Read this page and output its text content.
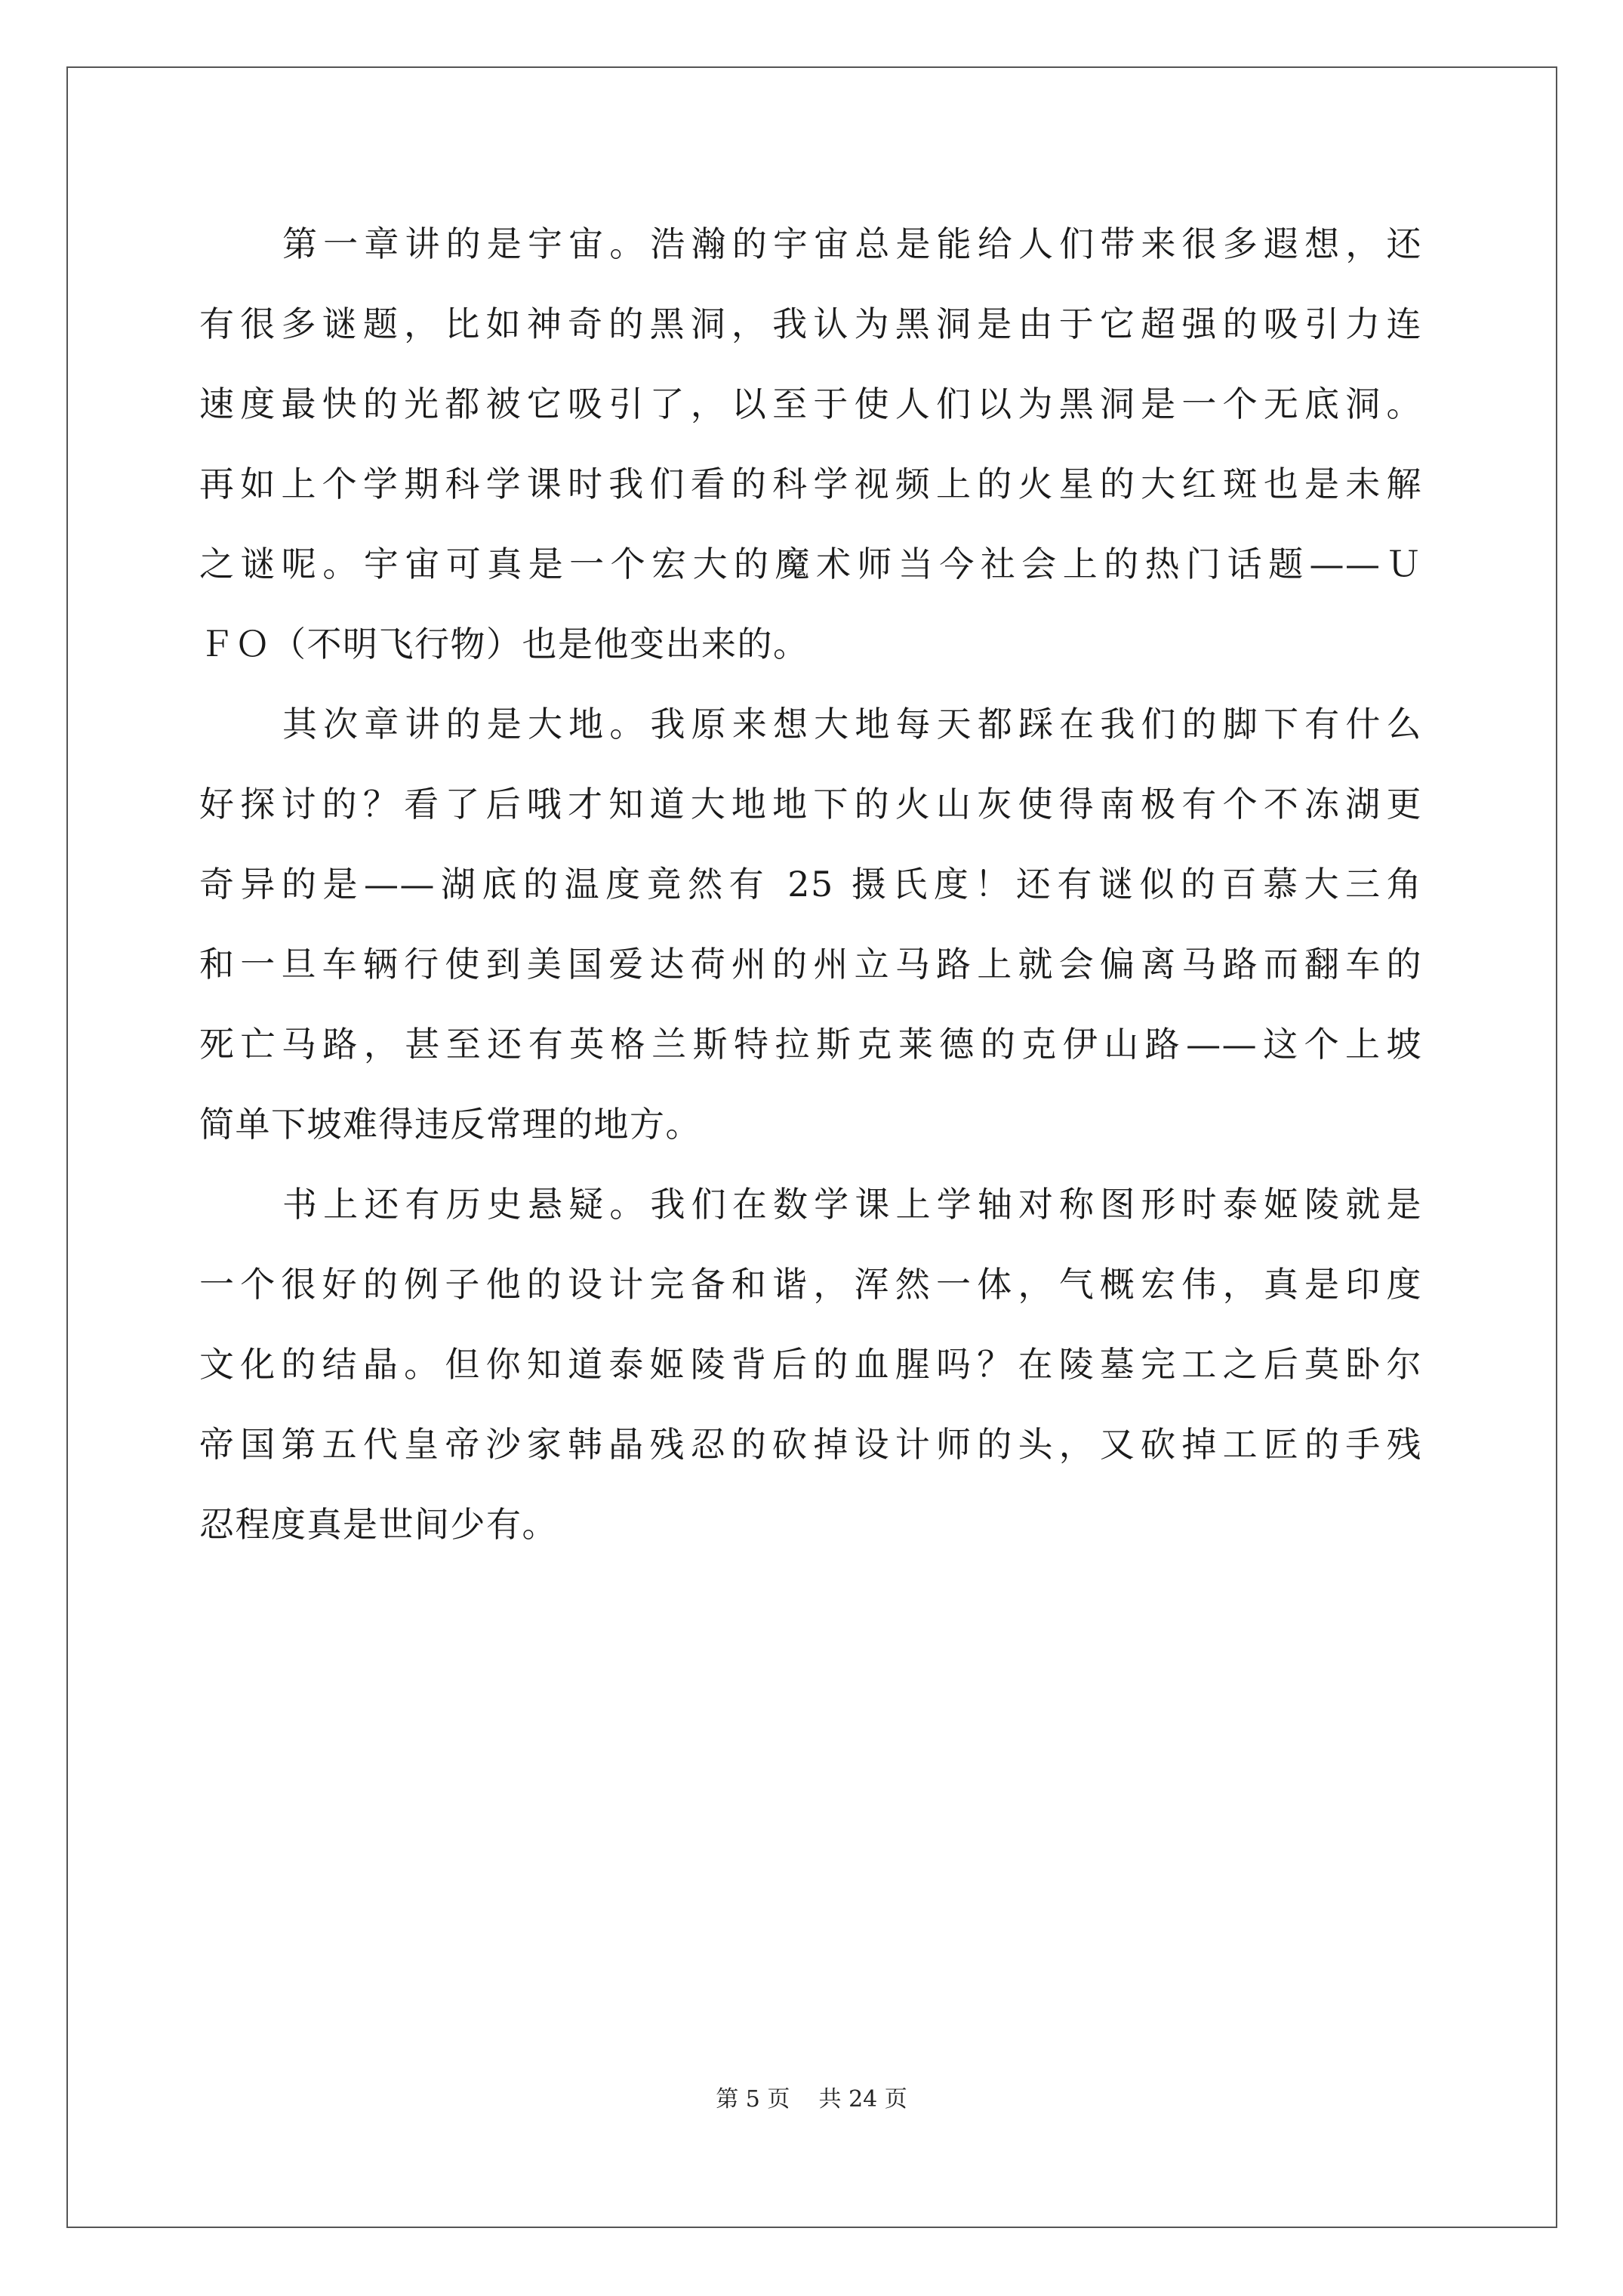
第一章讲的是宇宙。浩瀚的宇宙总是能给人们带来很多遐想，还
有很多谜题，比如神奇的黑洞，我认为黑洞是由于它超强的吸引力连
速度最快的光都被它吸引了，以至于使人们以为黑洞是一个无底洞。
再如上个学期科学课时我们看的科学视频上的火星的大红斑也是未解
之谜呢。宇宙可真是一个宏大的魔术师当今社会上的热门话题——Ｕ
ＦＯ（不明飞行物）也是他变出来的。
其次章讲的是大地。我原来想大地每天都踩在我们的脚下有什么
好探讨的？看了后哦才知道大地地下的火山灰使得南极有个不冻湖更
奇异的是——湖底的温度竟然有 25 摄氏度！还有谜似的百慕大三角
和一旦车辆行使到美国爱达荷州的州立马路上就会偏离马路而翻车的
死亡马路，甚至还有英格兰斯特拉斯克莱德的克伊山路——这个上坡
简单下坡难得违反常理的地方。
书上还有历史悬疑。我们在数学课上学轴对称图形时泰姬陵就是
一个很好的例子他的设计完备和谐，浑然一体，气概宏伟，真是印度
文化的结晶。但你知道泰姬陵背后的血腥吗？在陵墓完工之后莫卧尔
帝国第五代皇帝沙家韩晶残忍的砍掉设计师的头，又砍掉工匠的手残
忍程度真是世间少有。
第 5 页 共 24 页
